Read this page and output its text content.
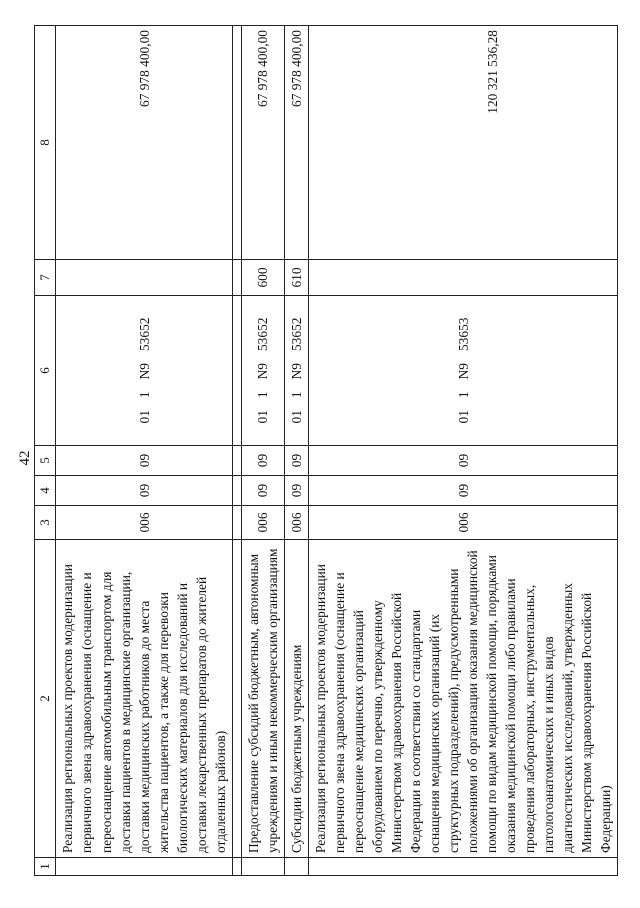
42
1	2	3	4	5	6	7	8
	Реализация региональных проектов модернизации первичного звена здравоохранения (оснащение и переоснащение автомобильным транспортом для доставки пациентов в медицинские организации, доставки медицинских работников до места жительства пациентов, а также для перевозки биологических материалов для исследований и доставки лекарственных препаратов до жителей отдаленных районов)	006	09	09	011N953652		67 978 400,00

	Предоставление субсидий бюджетным, автономным учреждениям и иным некоммерческим организациям	006	09	09	011N953652	600	67 978 400,00
	Субсидии бюджетным учреждениям	006	09	09	011N953652	610	67 978 400,00
	Реализация региональных проектов модернизации первичного звена здравоохранения (оснащение и переоснащение медицинских организаций оборудованием по перечню, утвержденному Министерством здравоохранения Российской Федерации в соответствии со стандартами оснащения медицинских организаций (их структурных подразделений), предусмотренными положениями об организации оказания медицинской помощи по видам медицинской помощи, порядками оказания медицинской помощи либо правилами проведения лабораторных, инструментальных, патологоанатомических и иных видов диагностических исследований, утвержденных Министерством здравоохранения Российской Федерации)	006	09	09	011N953653		120 321 536,28
